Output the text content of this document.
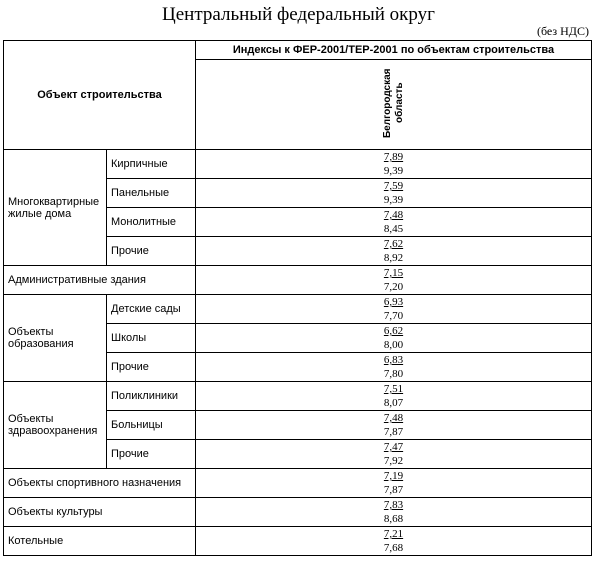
Центральный федеральный округ
(без НДС)
Объект строительства		Индексы к ФЕР-2001/ТЕР-2001 по объектам строительства
		Белгородская область
Многоквартирные жилые дома	Кирпичные	7,89
9,39

	Панельные	7,59
9,39

	Монолитные	7,48
8,45

	Прочие	7,62
8,92

Административные здания		7,15
7,20

Объекты образования	Детские сады	6,93
7,70

	Школы	6,62
8,00

	Прочие	6,83
7,80

Объекты здравоохранения	Поликлиники	7,51
8,07

	Больницы	7,48
7,87

	Прочие	7,47
7,92

Объекты спортивного назначения		7,19
7,87

Объекты культуры		7,83
8,68

Котельные		7,21
7,68
